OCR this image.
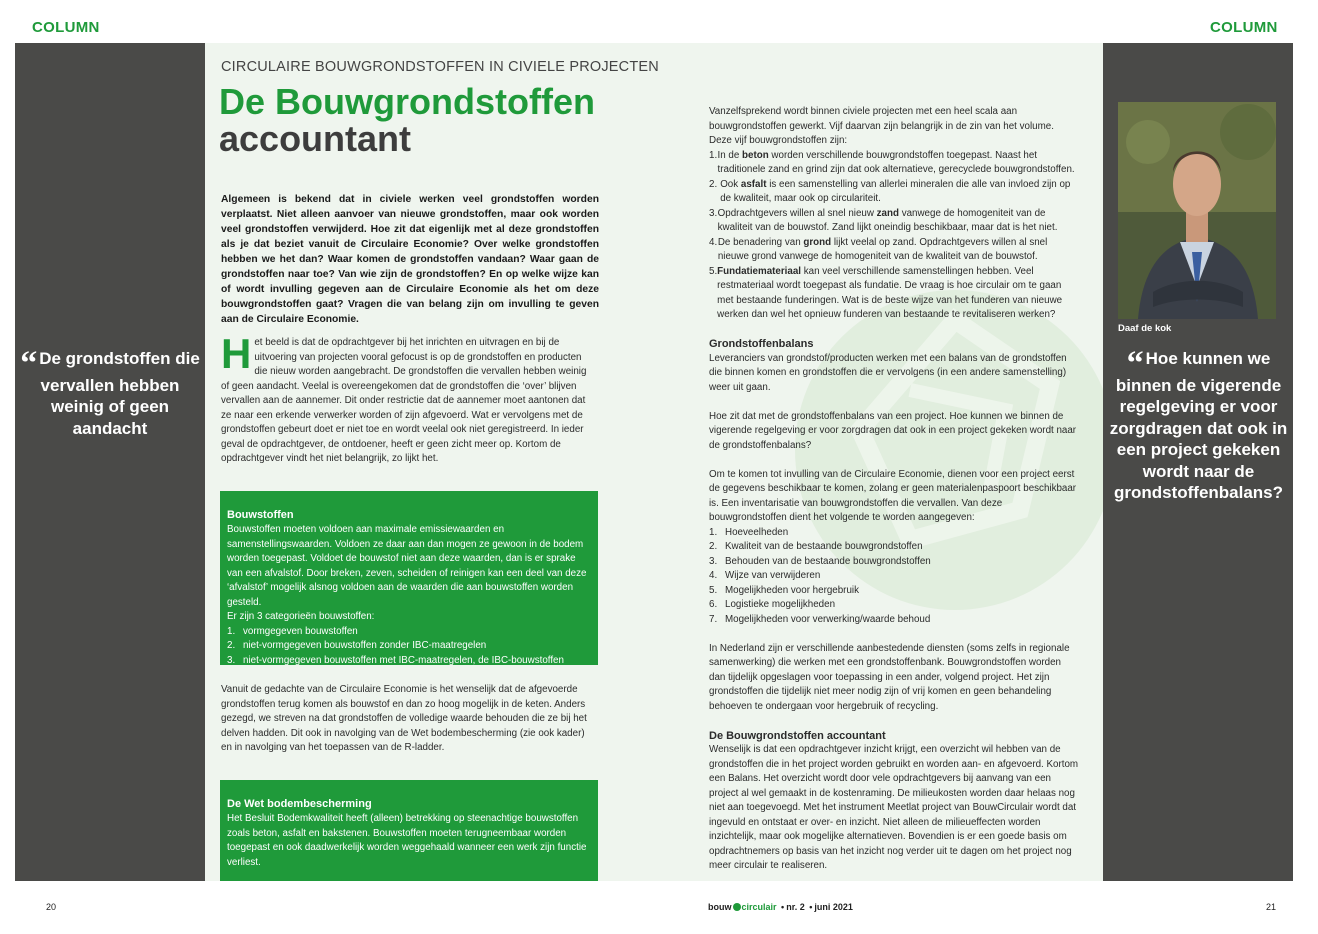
COLUMN	COLUMN
“ De grondstoffen die vervallen hebben weinig of geen aandacht
Daaf de kok
“ Hoe kunnen we binnen de vigerende regelgeving er voor zorgdragen dat ook in een project gekeken wordt naar de grondstoffenbalans?
CIRCULAIRE BOUWGRONDSTOFFEN IN CIVIELE PROJECTEN
De Bouwgrondstoffen
accountant
Algemeen is bekend dat in civiele werken veel grondstoffen worden verplaatst. Niet alleen aanvoer van nieuwe grondstoffen, maar ook worden veel grondstoffen verwijderd. Hoe zit dat eigenlijk met al deze grondstoffen als je dat beziet vanuit de Circulaire Economie? Over welke grondstoffen hebben we het dan? Waar komen de grondstoffen vandaan? Waar gaan de grondstoffen naar toe? Van wie zijn de grondstoffen? En op welke wijze kan of wordt invulling gegeven aan de Circulaire Economie als het om deze bouwgrondstoffen gaat? Vragen die van belang zijn om invulling te geven aan de Circulaire Economie.
Het beeld is dat de opdrachtgever bij het inrichten en uitvragen en bij de uitvoering van projecten vooral gefocust is op de grondstoffen en producten die nieuw worden aangebracht. De grondstoffen die vervallen hebben weinig of geen aandacht. Veelal is overeengekomen dat de grondstoffen die ‘over’ blijven vervallen aan de aannemer. Dit onder restrictie dat de aannemer moet aantonen dat ze naar een erkende verwerker worden of zijn afgevoerd. Wat er vervolgens met de grondstoffen gebeurt doet er niet toe en wordt veelal ook niet geregistreerd. In ieder geval de opdrachtgever, de ontdoener, heeft er geen zicht meer op. Kortom de opdrachtgever vindt het niet belangrijk, zo lijkt het.
Bouwstoffen

Bouwstoffen moeten voldoen aan maximale emissiewaarden en samenstellingswaarden. Voldoen ze daar aan dan mogen ze gewoon in de bodem worden toegepast. Voldoet de bouwstof niet aan deze waarden, dan is er sprake van een afvalstof. Door breken, zeven, scheiden of reinigen kan een deel van deze ‘afvalstof’ mogelijk alsnog voldoen aan de waarden die aan bouwstoffen worden gesteld.

Er zijn 3 categorieën bouwstoffen:

1. vormgegeven bouwstoffen
2. niet-vormgegeven bouwstoffen zonder IBC-maatregelen
3. niet-vormgegeven bouwstoffen met IBC-maatregelen, de IBC-bouwstoffen
Vanuit de gedachte van de Circulaire Economie is het wenselijk dat de afgevoerde grondstoffen terug komen als bouwstof en dan zo hoog mogelijk in de keten. Anders gezegd, we streven na dat grondstoffen de volledige waarde behouden die ze bij het delven hadden. Dit ook in navolging van de Wet bodembescherming (zie ook kader) en in navolging van het toepassen van de R-ladder.
De Wet bodembescherming

Het Besluit Bodemkwaliteit heeft (alleen) betrekking op steenachtige bouwstoffen zoals beton, asfalt en bakstenen. Bouwstoffen moeten terugneembaar worden toegepast en ook daadwerkelijk worden weggehaald wanneer een werk zijn functie verliest.

Vanzelfsprekend wordt binnen civiele projecten met een heel scala aan bouwgrondstoffen gewerkt. Vijf daarvan zijn belangrijk in de zin van het volume.

Deze vijf bouwgrondstoffen zijn:

1. In de beton worden verschillende bouwgrondstoffen toegepast. Naast het traditionele zand en grind zijn dat ook alternatieve, gerecyclede bouwgrondstoffen.
2. Ook asfalt is een samenstelling van allerlei mineralen die alle van invloed zijn op de kwaliteit, maar ook op circulariteit.
3. Opdrachtgevers willen al snel nieuw zand vanwege de homogeniteit van de kwaliteit van de bouwstof. Zand lijkt oneindig beschikbaar, maar dat is het niet.
4. De benadering van grond lijkt veelal op zand. Opdrachtgevers willen al snel nieuwe grond vanwege de homogeniteit van de kwaliteit van de bouwstof.
5. Fundatiemateriaal kan veel verschillende samenstellingen hebben. Veel restmateriaal wordt toegepast als fundatie. De vraag is hoe circulair om te gaan met bestaande funderingen. Wat is de beste wijze van het funderen van nieuwe werken dan wel het opnieuw funderen van bestaande te revitaliseren werken?
Grondstoffenbalans

Leveranciers van grondstof/producten werken met een balans van de grondstoffen die binnen komen en grondstoffen die er vervolgens (in een andere samenstelling) weer uit gaan.

Hoe zit dat met de grondstoffenbalans van een project. Hoe kunnen we binnen de vigerende regelgeving er voor zorgdragen dat ook in een project gekeken wordt naar de grondstoffenbalans?

Om te komen tot invulling van de Circulaire Economie, dienen voor een project eerst de gegevens beschikbaar te komen, zolang er geen materialenpaspoort beschikbaar is. Een inventarisatie van bouwgrondstoffen die vervallen. Van deze bouwgrondstoffen dient het volgende te worden aangegeven:

1. Hoeveelheden
2. Kwaliteit van de bestaande bouwgrondstoffen
3. Behouden van de bestaande bouwgrondstoffen
4. Wijze van verwijderen
5. Mogelijkheden voor hergebruik
6. Logistieke mogelijkheden
7. Mogelijkheden voor verwerking/waarde behoud

In Nederland zijn er verschillende aanbestedende diensten (soms zelfs in regionale samenwerking) die werken met een grondstoffenbank. Bouwgrondstoffen worden dan tijdelijk opgeslagen voor toepassing in een ander, volgend project. Het zijn grondstoffen die tijdelijk niet meer nodig zijn of vrij komen en geen behandeling behoeven te ondergaan voor hergebruik of recycling.

De Bouwgrondstoffen accountant

Wenselijk is dat een opdrachtgever inzicht krijgt, een overzicht wil hebben van de grondstoffen die in het project worden gebruikt en worden aan- en afgevoerd. Kortom een Balans. Het overzicht wordt door vele opdrachtgevers bij aanvang van een project al wel gemaakt in de kostenraming. De milieukosten worden daar helaas nog niet aan toegevoegd. Met het instrument Meetlat project van BouwCirculair wordt dat ingevuld en ontstaat er over- en inzicht. Niet alleen de milieueffecten worden inzichtelijk, maar ook mogelijke alternatieven. Bovendien is er een goede basis om opdrachtnemers op basis van het inzicht nog verder uit te dagen om het project nog meer circulair te realiseren.

20	21
bouw circulair • nr. 2 • juni 2021
